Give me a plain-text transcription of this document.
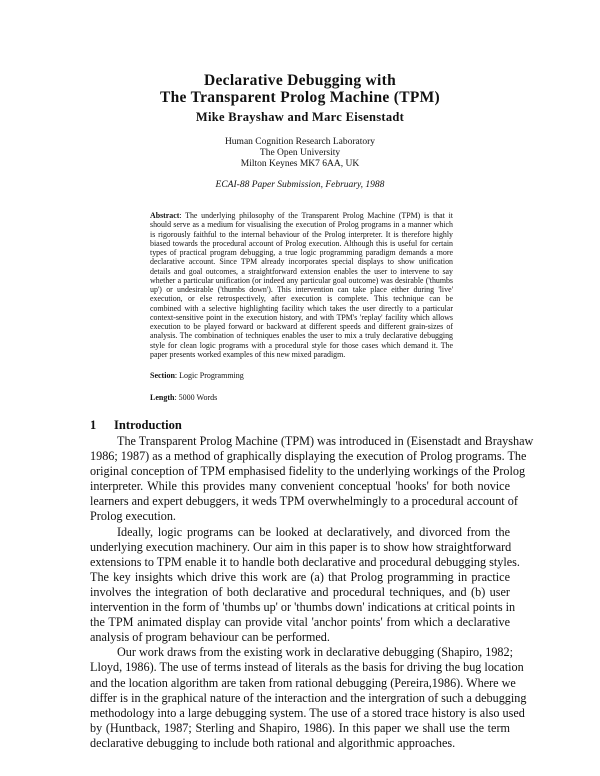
Declarative Debugging with
The Transparent Prolog Machine (TPM)
Mike Brayshaw and Marc Eisenstadt
Human Cognition Research Laboratory
The Open University
Milton Keynes MK7 6AA, UK
ECAI-88 Paper Submission, February, 1988
Abstract: The underlying philosophy of the Transparent Prolog Machine (TPM) is that it
should serve as a medium for visualising the execution of Prolog programs in a manner which
is rigorously faithful to the internal behaviour of the Prolog interpreter. It is therefore highly
biased towards the procedural account of Prolog execution. Although this is useful for certain
types of practical program debugging, a true logic programming paradigm demands a more
declarative account. Since TPM already incorporates special displays to show unification
details and goal outcomes, a straightforward extension enables the user to intervene to say
whether a particular unification (or indeed any particular goal outcome) was desirable ('thumbs
up') or undesirable ('thumbs down'). This intervention can take place either during 'live'
execution, or else retrospectively, after execution is complete. This technique can be
combined with a selective highlighting facility which takes the user directly to a particular
context-sensitive point in the execution history, and with TPM's 'replay' facility which allows
execution to be played forward or backward at different speeds and different grain-sizes of
analysis. The combination of techniques enables the user to mix a truly declarative debugging
style for clean logic programs with a procedural style for those cases which demand it. The
paper presents worked examples of this new mixed paradigm.
Section: Logic Programming
Length: 5000 Words
1 Introduction
The Transparent Prolog Machine (TPM) was introduced in (Eisenstadt and Brayshaw
1986; 1987) as a method of graphically displaying the execution of Prolog programs. The
original conception of TPM emphasised fidelity to the underlying workings of the Prolog
interpreter. While this provides many convenient conceptual 'hooks' for both novice
learners and expert debuggers, it weds TPM overwhelmingly to a procedural account of
Prolog execution.
Ideally, logic programs can be looked at declaratively, and divorced from the
underlying execution machinery. Our aim in this paper is to show how straightforward
extensions to TPM enable it to handle both declarative and procedural debugging styles.
The key insights which drive this work are (a) that Prolog programming in practice
involves the integration of both declarative and procedural techniques, and (b) user
intervention in the form of 'thumbs up' or 'thumbs down' indications at critical points in
the TPM animated display can provide vital 'anchor points' from which a declarative
analysis of program behaviour can be performed.
Our work draws from the existing work in declarative debugging (Shapiro, 1982;
Lloyd, 1986). The use of terms instead of literals as the basis for driving the bug location
and the location algorithm are taken from rational debugging (Pereira,1986). Where we
differ is in the graphical nature of the interaction and the intergration of such a debugging
methodology into a large debugging system. The use of a stored trace history is also used
by (Huntback, 1987; Sterling and Shapiro, 1986). In this paper we shall use the term
declarative debugging to include both rational and algorithmic approaches.
